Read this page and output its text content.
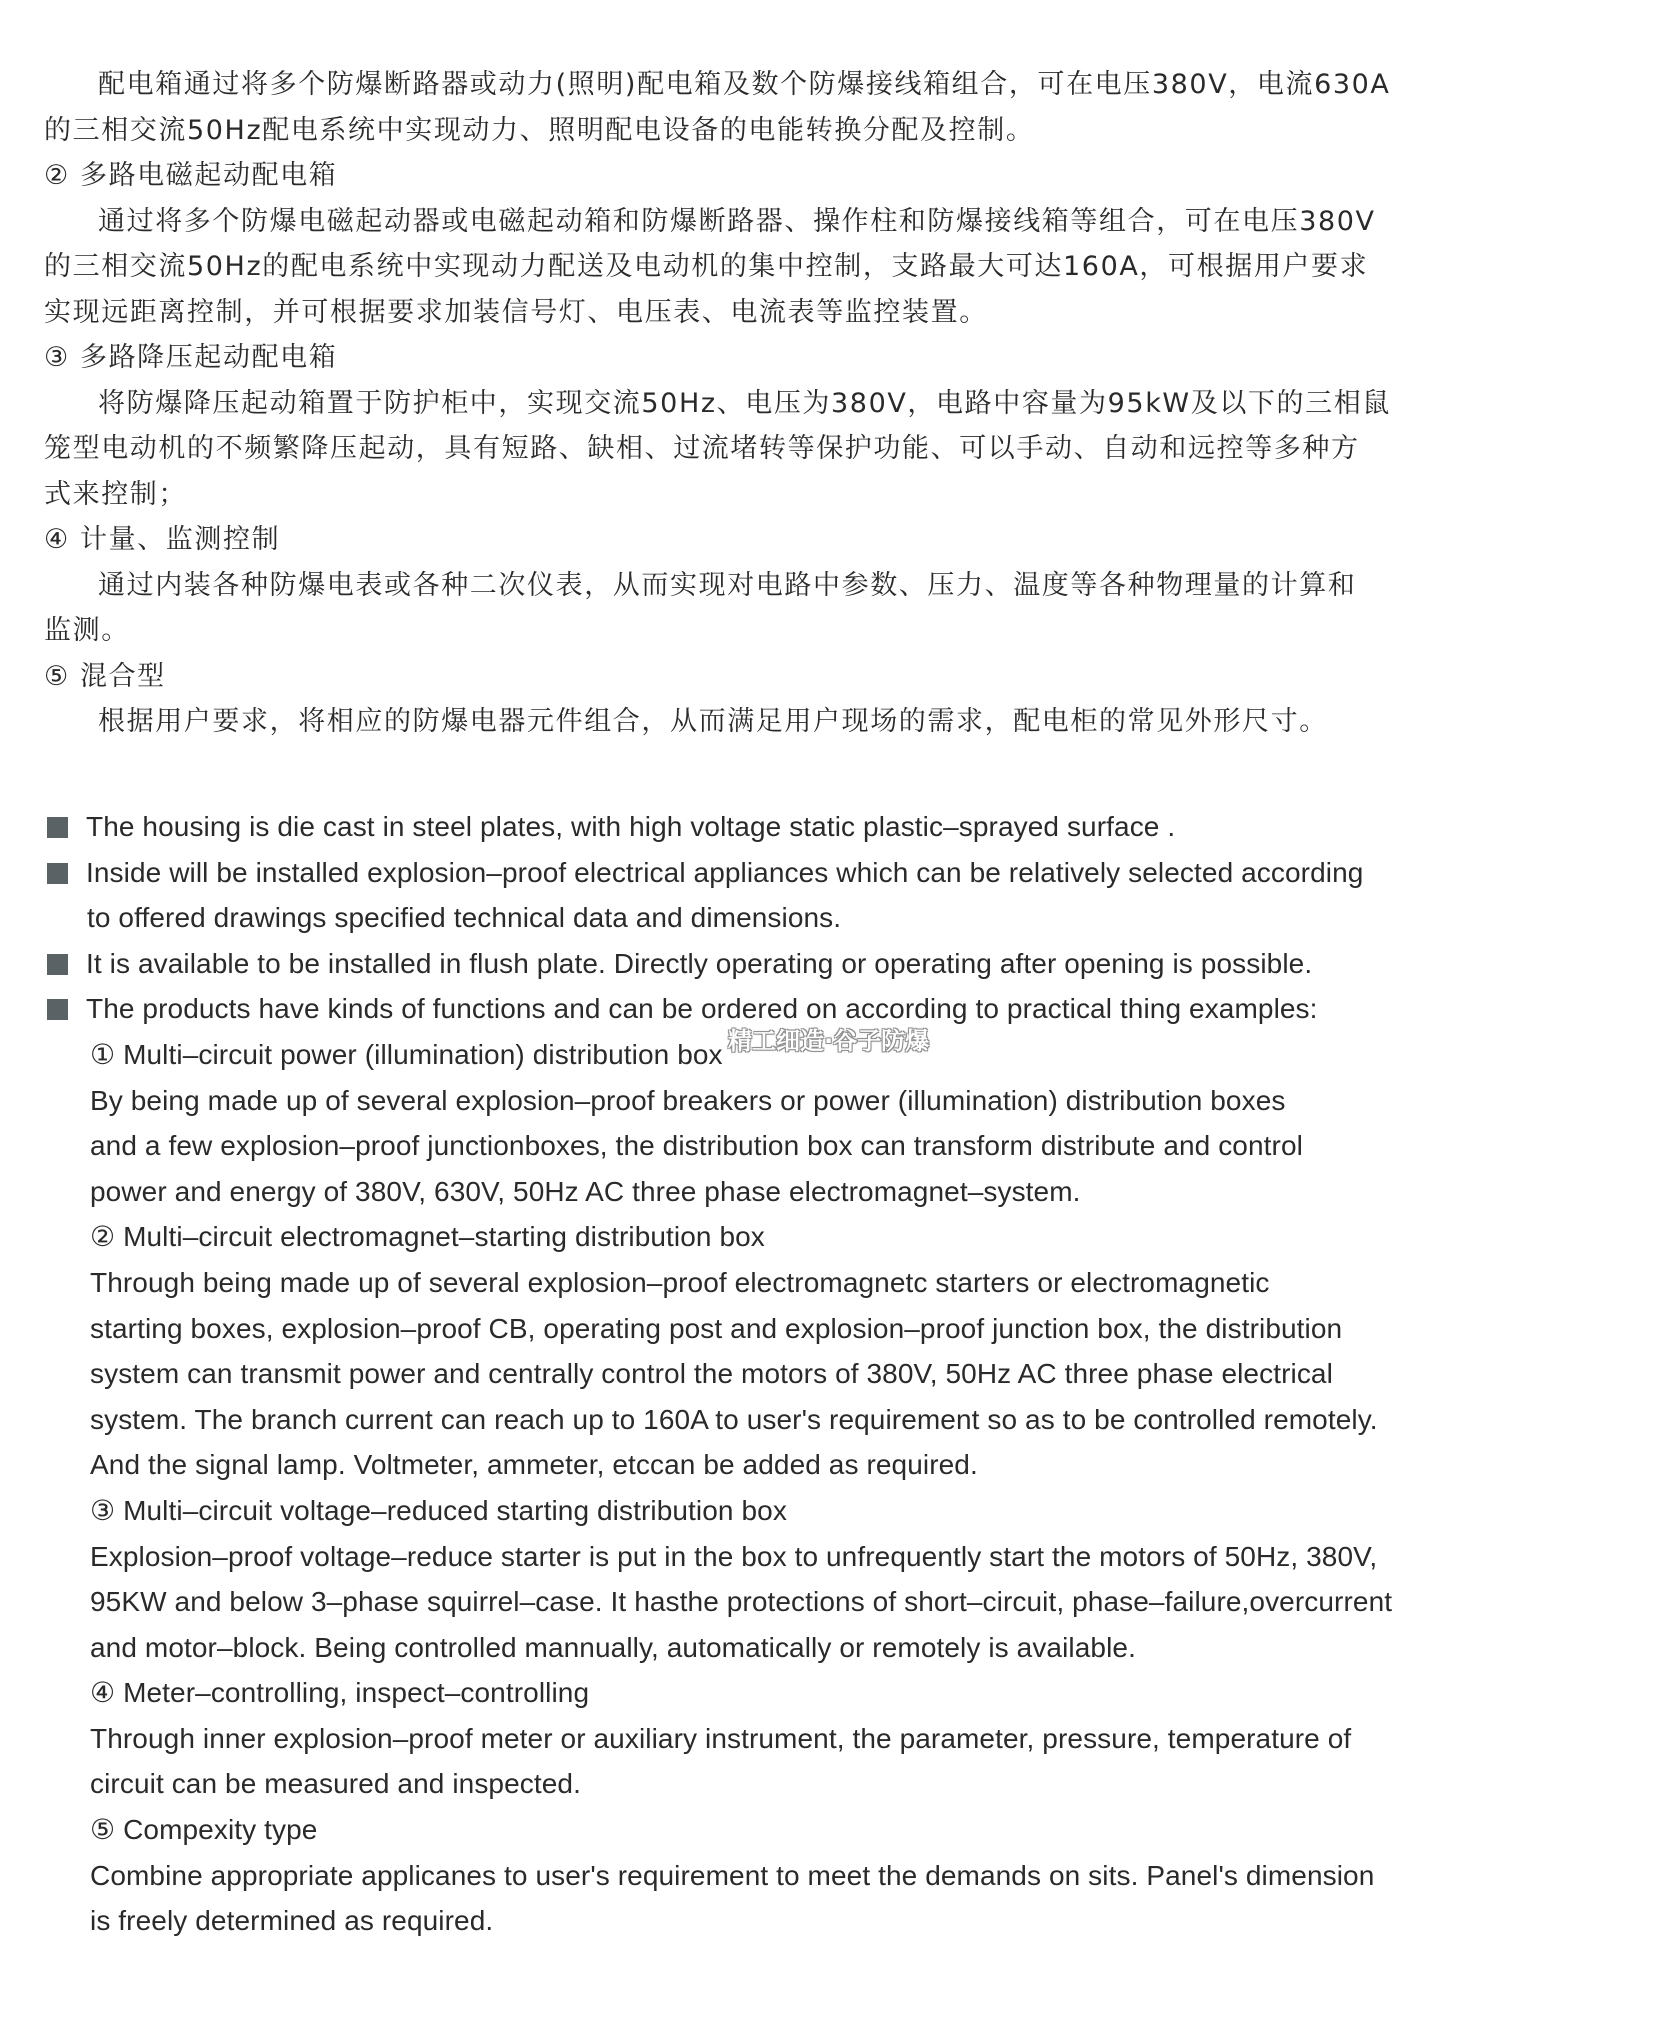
配电箱通过将多个防爆断路器或动力(照明)配电箱及数个防爆接线箱组合，可在电压380V，电流630A

的三相交流50Hz配电系统中实现动力、照明配电设备的电能转换分配及控制。

② 多路电磁起动配电箱

通过将多个防爆电磁起动器或电磁起动箱和防爆断路器、操作柱和防爆接线箱等组合，可在电压380V

的三相交流50Hz的配电系统中实现动力配送及电动机的集中控制，支路最大可达160A，可根据用户要求

实现远距离控制，并可根据要求加装信号灯、电压表、电流表等监控装置。

③ 多路降压起动配电箱

将防爆降压起动箱置于防护柜中，实现交流50Hz、电压为380V，电路中容量为95kW及以下的三相鼠

笼型电动机的不频繁降压起动，具有短路、缺相、过流堵转等保护功能、可以手动、自动和远控等多种方

式来控制；

④ 计量、监测控制

通过内装各种防爆电表或各种二次仪表，从而实现对电路中参数、压力、温度等各种物理量的计算和

监测。

⑤ 混合型

根据用户要求，将相应的防爆电器元件组合，从而满足用户现场的需求，配电柜的常见外形尺寸。

The housing is die cast in steel plates, with high voltage static plastic–sprayed surface .

Inside will be installed explosion–proof electrical appliances which can be relatively selected according

to offered drawings specified technical data and dimensions.

It is available to be installed in flush plate. Directly operating or operating after opening is possible.

The products have kinds of functions and can be ordered on according to practical thing examples:

① Multi–circuit power (illumination) distribution box

By being made up of several explosion–proof breakers or power (illumination) distribution boxes

and a few explosion–proof junctionboxes, the distribution box can transform distribute and control

power and energy of 380V, 630V, 50Hz AC three phase electromagnet–system.

② Multi–circuit electromagnet–starting distribution box

Through being made up of several explosion–proof electromagnetc starters or electromagnetic

starting boxes, explosion–proof CB, operating post and explosion–proof junction box, the distribution

system can transmit power and centrally control the motors of 380V, 50Hz AC three phase electrical

system. The branch current can reach up to 160A to user's requirement so as to be controlled remotely.

And the signal lamp. Voltmeter, ammeter, etccan be added as required.

③ Multi–circuit voltage–reduced starting distribution box

Explosion–proof voltage–reduce starter is put in the box to unfrequently start the motors of 50Hz, 380V,

95KW and below 3–phase squirrel–case. It hasthe protections of short–circuit, phase–failure,overcurrent

and motor–block. Being controlled mannually, automatically or remotely is available.

④ Meter–controlling, inspect–controlling

Through inner explosion–proof meter or auxiliary instrument, the parameter, pressure, temperature of

circuit can be measured and inspected.

⑤ Compexity type

Combine appropriate applicanes to user's requirement to meet the demands on sits. Panel's dimension

is freely determined as required.

精工细造·谷子防爆
